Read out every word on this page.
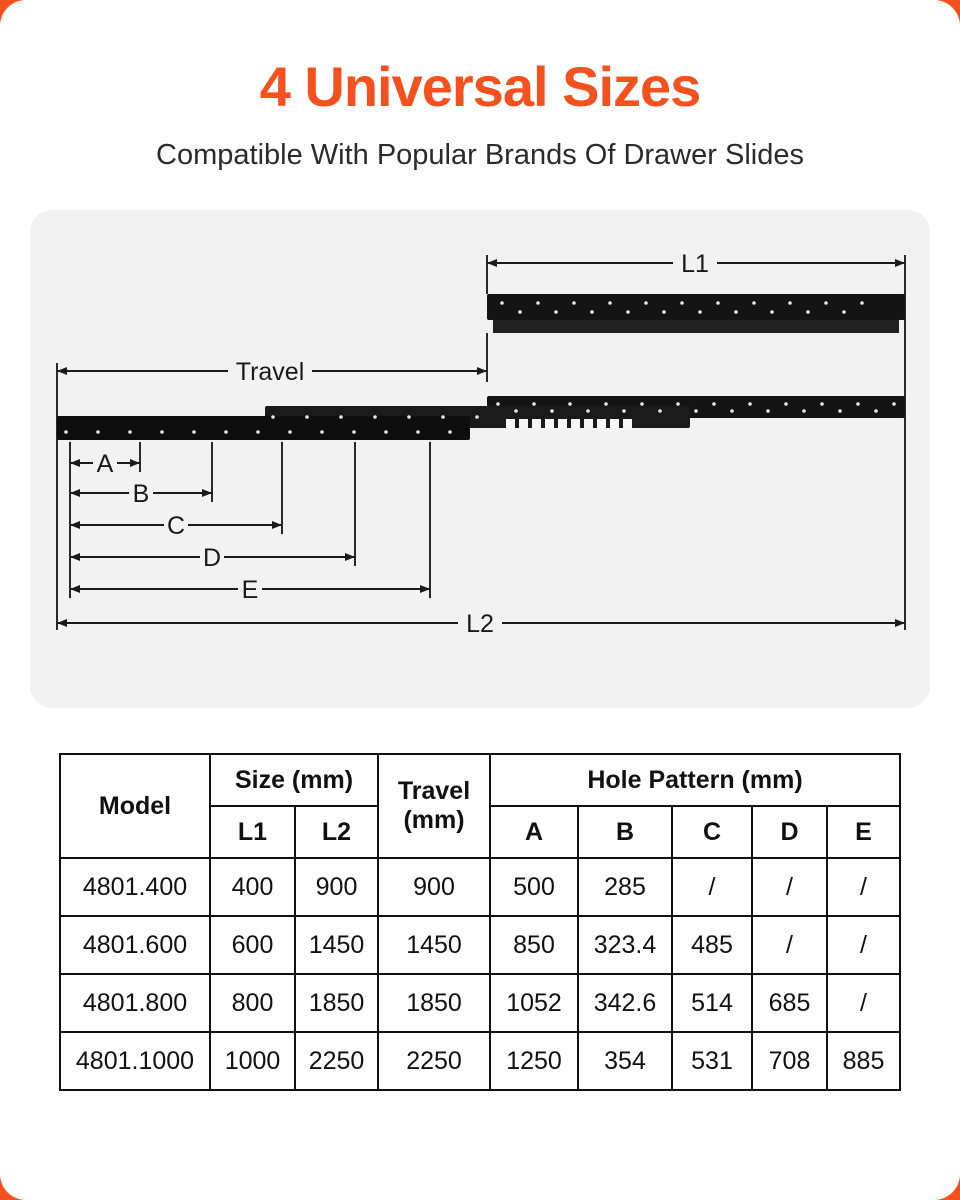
4 Universal Sizes
Compatible With Popular Brands Of Drawer Slides
L1
Travel
A
B
C
D
E
L2
Model	Size (mm)		Travel (mm)	Hole Pattern (mm)				
	L1	L2		A	B	C	D	E
4801.400	400	900	900	500	285	/	/	/
4801.600	600	1450	1450	850	323.4	485	/	/
4801.800	800	1850	1850	1052	342.6	514	685	/
4801.1000	1000	2250	2250	1250	354	531	708	885
